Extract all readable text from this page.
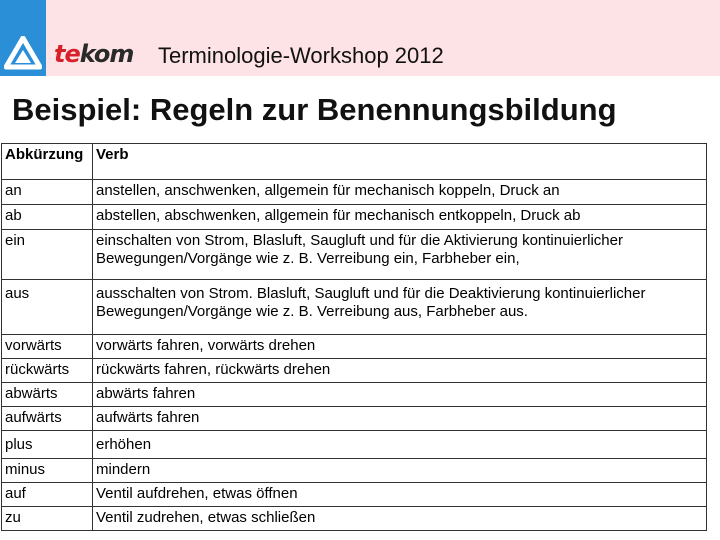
tekom Terminologie-Workshop 2012
Beispiel: Regeln zur Benennungsbildung
Abkürzung	Verb
an	anstellen, anschwenken, allgemein für mechanisch koppeln, Druck an
ab	abstellen, abschwenken, allgemein für mechanisch entkoppeln, Druck ab
ein	einschalten von Strom, Blasluft, Saugluft und für die Aktivierung kontinuierlicher Bewegungen/Vorgänge wie z. B. Verreibung ein, Farbheber ein,
aus	ausschalten von Strom. Blasluft, Saugluft und für die Deaktivierung kontinuierlicher Bewegungen/Vorgänge wie z. B. Verreibung aus, Farbheber aus.
vorwärts	vorwärts fahren, vorwärts drehen
rückwärts	rückwärts fahren, rückwärts drehen
abwärts	abwärts fahren
aufwärts	aufwärts fahren
plus	erhöhen
minus	mindern
auf	Ventil aufdrehen, etwas öffnen
zu	Ventil zudrehen, etwas schließen
